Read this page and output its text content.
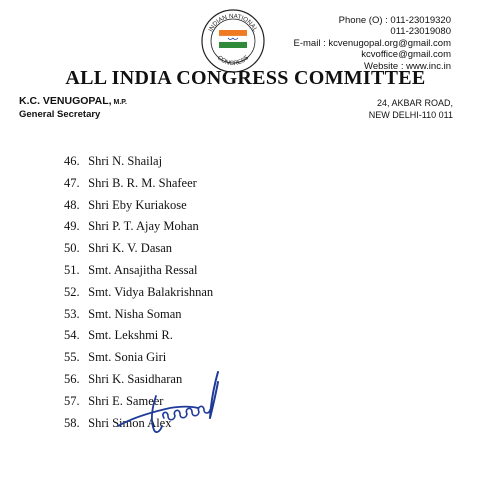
INDIAN NATIONAL
CONGRESS
Phone (O) : 011-23019320
011-23019080
E-mail : kcvenugopal.org@gmail.com
kcvoffice@gmail.com
Website : www.inc.in
ALL INDIA CONGRESS COMMITTEE
K.C. VENUGOPAL, M.P.
General Secretary
24, AKBAR ROAD,
NEW DELHI-110 011
46. Shri N. Shailaj
47. Shri B. R. M. Shafeer
48. Shri Eby Kuriakose
49. Shri P. T. Ajay Mohan
50. Shri K. V. Dasan
51. Smt. Ansajitha Ressal
52. Smt. Vidya Balakrishnan
53. Smt. Nisha Soman
54. Smt. Lekshmi R.
55. Smt. Sonia Giri
56. Shri K. Sasidharan
57. Shri E. Sameer
58. Shri Simon Alex
